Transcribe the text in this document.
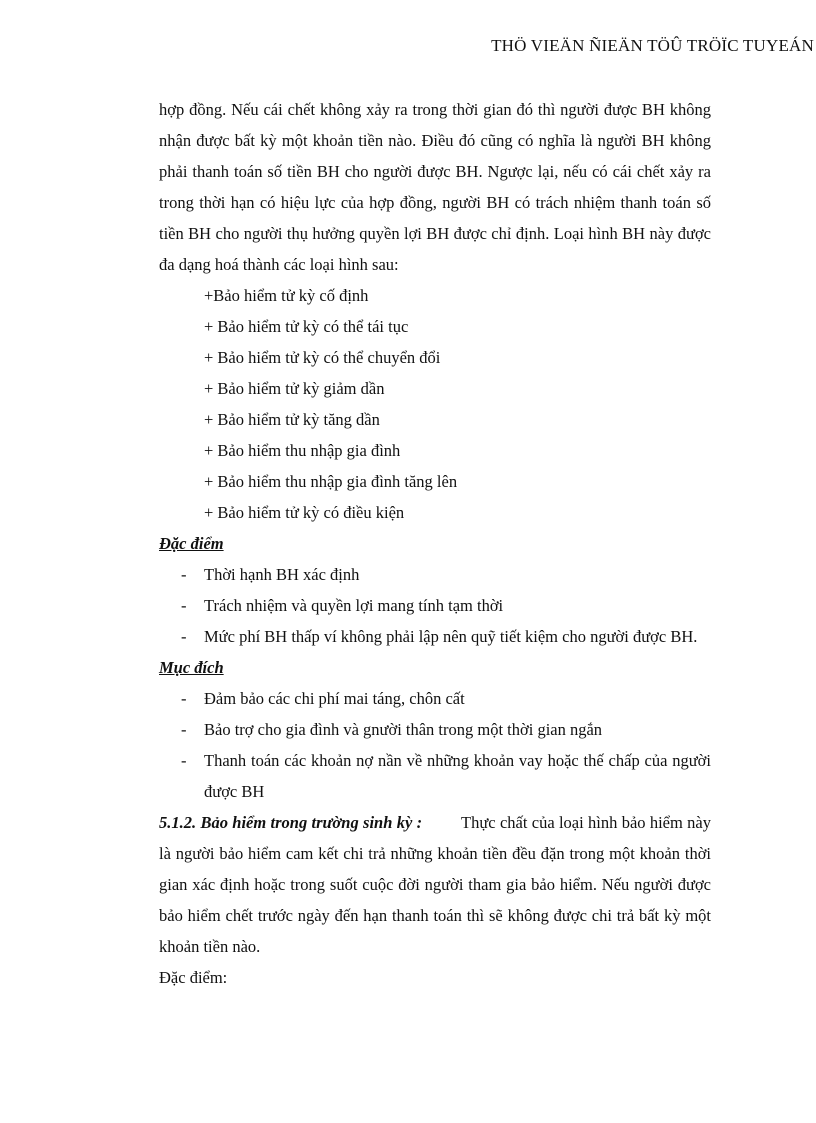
THÖ VIEÄN ÑIEÄN TÖÛ TRÖÏC TUYEÁN

hợp đồng. Nếu cái chết không xảy ra trong thời gian đó thì người được BH không nhận được bất kỳ một khoản tiền nào. Điều đó cũng có nghĩa là người BH không phải thanh toán số tiền BH cho người được BH. Ngược lại, nếu có cái chết xảy ra trong thời hạn có hiệu lực của hợp đồng, người BH có trách nhiệm thanh toán số tiền BH cho người thụ hưởng quyền lợi BH được chỉ định. Loại hình BH này được đa dạng hoá thành các loại hình sau:

+Bảo hiểm tử kỳ cố định
+ Bảo hiểm tử kỳ có thể tái tục
+ Bảo hiểm tử kỳ có thể chuyển đổi
+ Bảo hiểm tử kỳ giảm dần
+ Bảo hiểm tử kỳ tăng dần
+ Bảo hiểm thu nhập gia đình
+ Bảo hiểm thu nhập gia đình tăng lên
+ Bảo hiểm tử kỳ có điều kiện

Đặc điểm

-	Thời hạnh BH xác định
-	Trách nhiệm và quyền lợi mang tính tạm thời
-	Mức phí BH thấp ví không phải lập nên quỹ tiết kiệm cho người được BH.

Mục đích

-	Đảm bảo các chi phí mai táng, chôn cất
-	Bảo trợ cho gia đình và gnười thân trong một thời gian ngắn
-	Thanh toán các khoản nợ nần về những khoản vay hoặc thế chấp của người được BH

5.1.2. Bảo hiểm trong trường sinh kỳ : Thực chất của loại hình bảo hiểm này là người bảo hiểm cam kết chi trả những khoản tiền đều đặn trong một khoản thời gian xác định hoặc trong suốt cuộc đời người tham gia bảo hiểm. Nếu người được bảo hiểm chết trước ngày đến hạn thanh toán thì sẽ không được chi trả bất kỳ một khoản tiền nào.

Đặc điểm:
